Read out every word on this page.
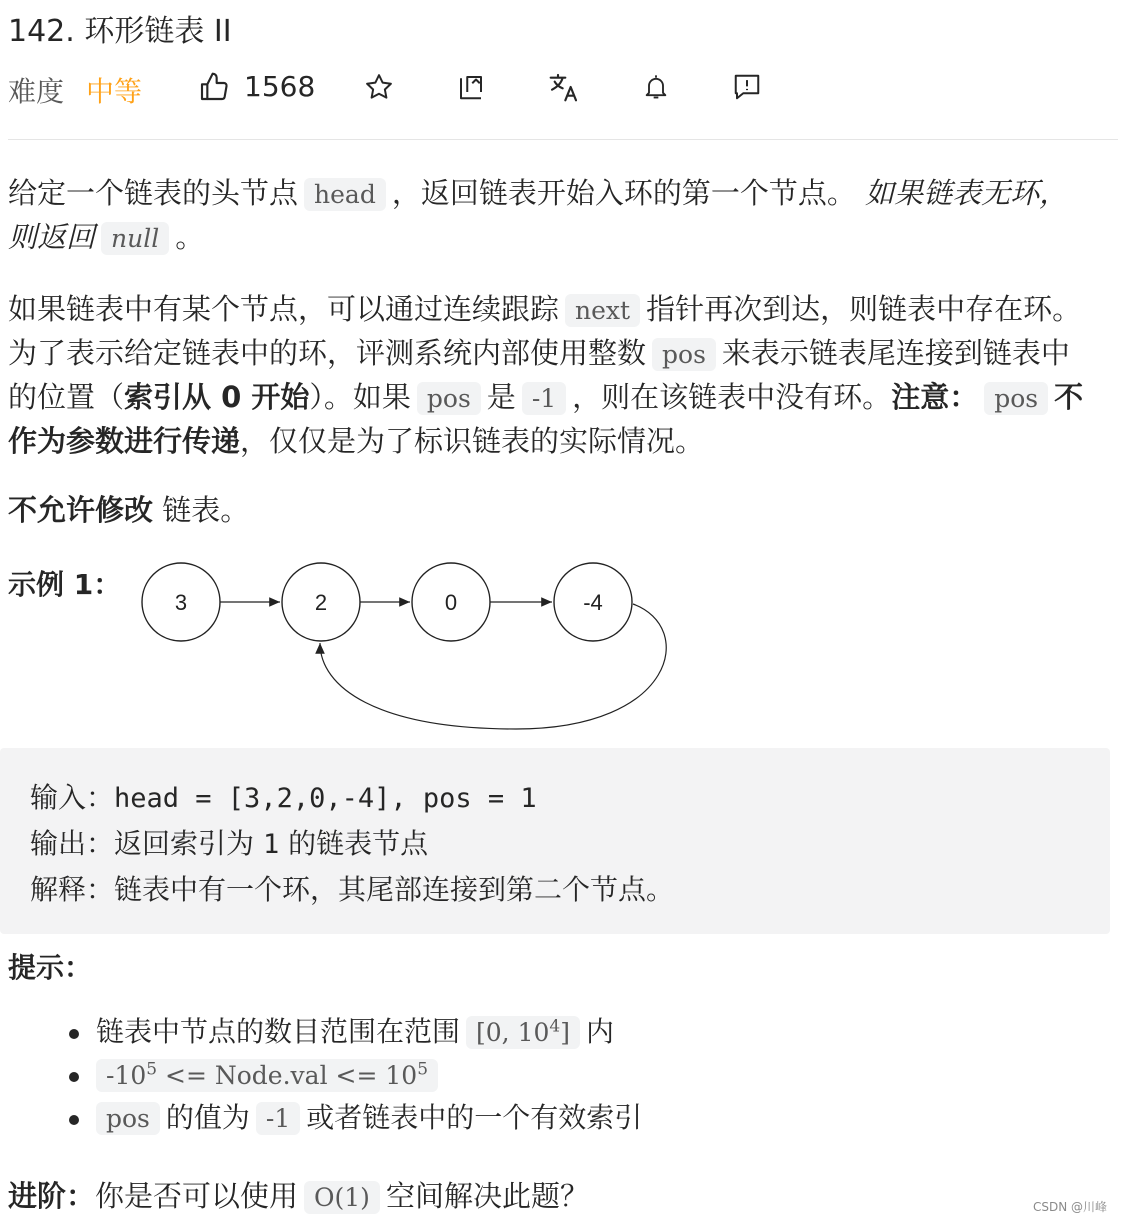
142. 环形链表 II
难度 中等	1568
给定一个链表的头节点 head ，返回链表开始入环的第一个节点。 如果链表无环，
则返回 null 。
如果链表中有某个节点，可以通过连续跟踪 next 指针再次到达，则链表中存在环。
为了表示给定链表中的环，评测系统内部使用整数 pos 来表示链表尾连接到链表中
的位置（索引从 0 开始）。如果 pos 是 -1 ，则在该链表中没有环。注意： pos 不
作为参数进行传递，仅仅是为了标识链表的实际情况。
不允许修改 链表。
示例 1：
3	2	0	-4
输入：head = [3,2,0,-4], pos = 1
输出：返回索引为 1 的链表节点
解释：链表中有一个环，其尾部连接到第二个节点。
提示：
链表中节点的数目范围在范围 [0, $10^4$] 内
$-10^5$ <= Node.val <= $10^5$
pos 的值为 -1 或者链表中的一个有效索引
进阶：你是否可以使用 O(1) 空间解决此题？	CSDN @川峰
